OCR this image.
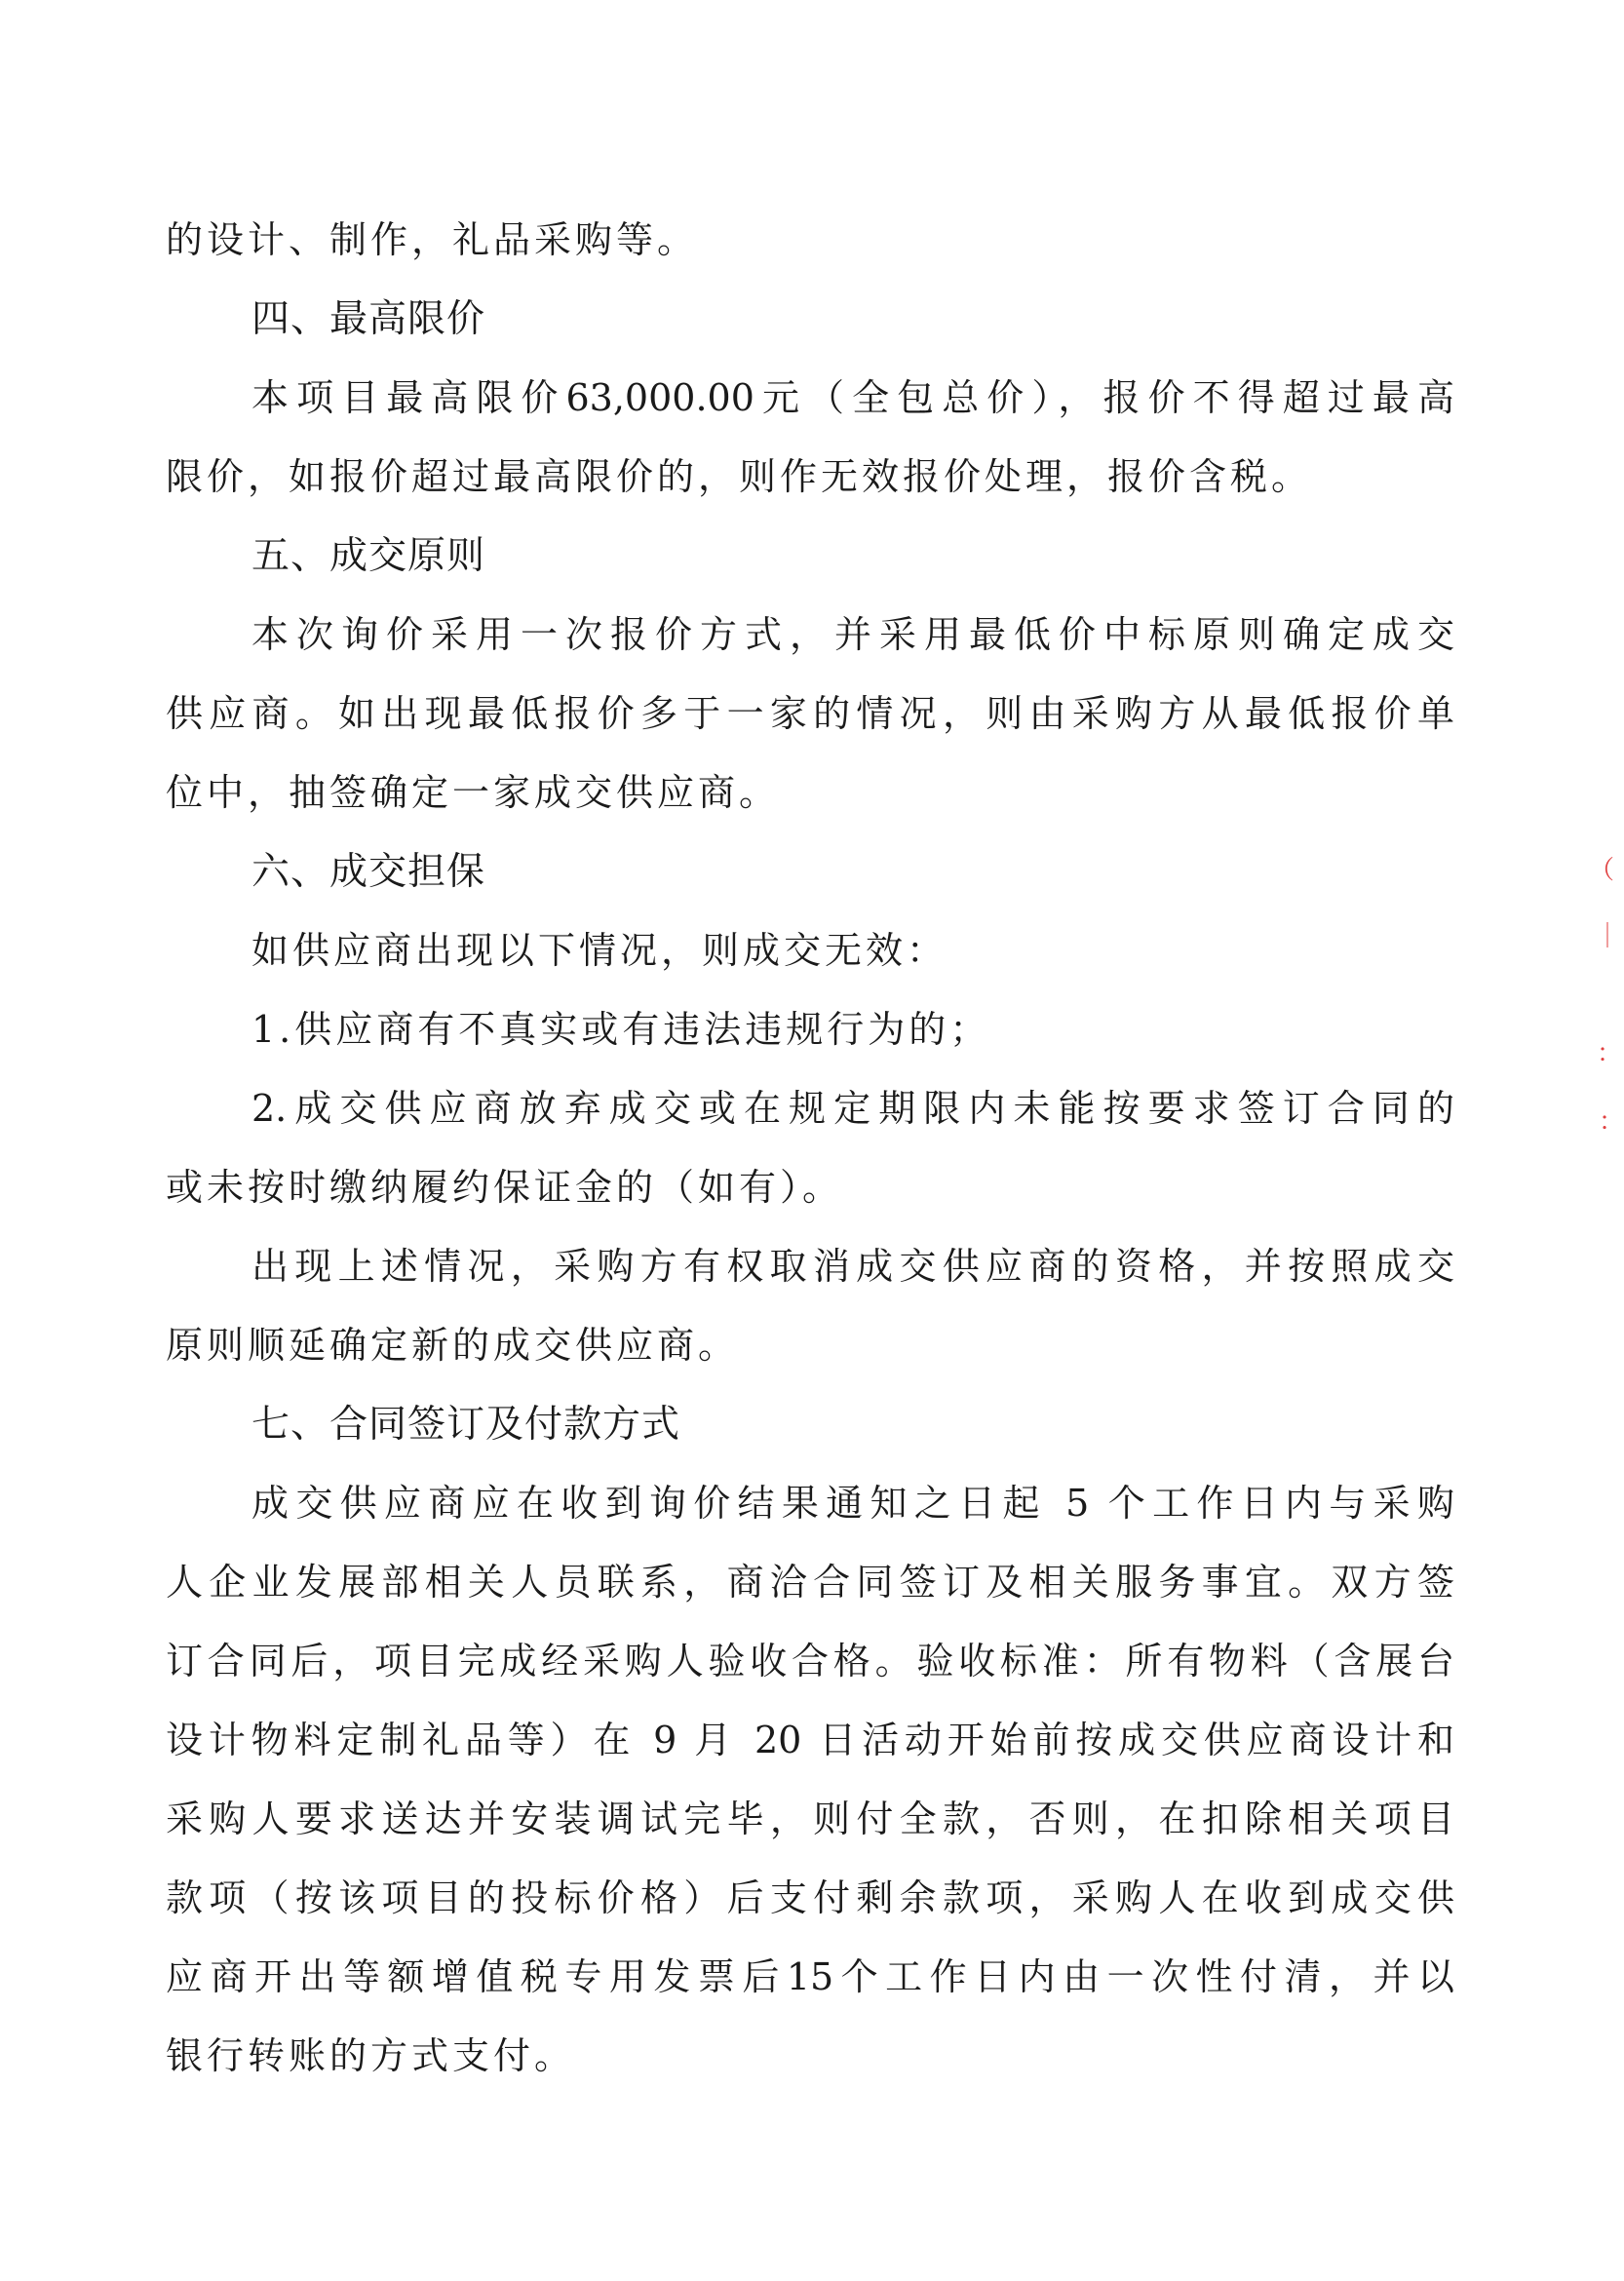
的设计、制作，礼品采购等。
四、最高限价
本项目最高限价63,000.00元（全包总价），报价不得超过最高
限价，如报价超过最高限价的，则作无效报价处理，报价含税。
五、成交原则
本次询价采用一次报价方式，并采用最低价中标原则确定成交
供应商。如出现最低报价多于一家的情况，则由采购方从最低报价单
位中，抽签确定一家成交供应商。
六、成交担保
如供应商出现以下情况，则成交无效：
1.供应商有不真实或有违法违规行为的；
2.成交供应商放弃成交或在规定期限内未能按要求签订合同的
或未按时缴纳履约保证金的（如有）。
出现上述情况，采购方有权取消成交供应商的资格，并按照成交
原则顺延确定新的成交供应商。
七、合同签订及付款方式
成交供应商应在收到询价结果通知之日起 5 个工作日内与采购
人企业发展部相关人员联系，商洽合同签订及相关服务事宜。双方签
订合同后，项目完成经采购人验收合格。验收标准：所有物料（含展台
设计物料定制礼品等）在 9 月 20 日活动开始前按成交供应商设计和
采购人要求送达并安装调试完毕，则付全款，否则，在扣除相关项目
款项（按该项目的投标价格）后支付剩余款项，采购人在收到成交供
应商开出等额增值税专用发票后15个工作日内由一次性付清，并以
银行转账的方式支付。
（
｜
：
：
